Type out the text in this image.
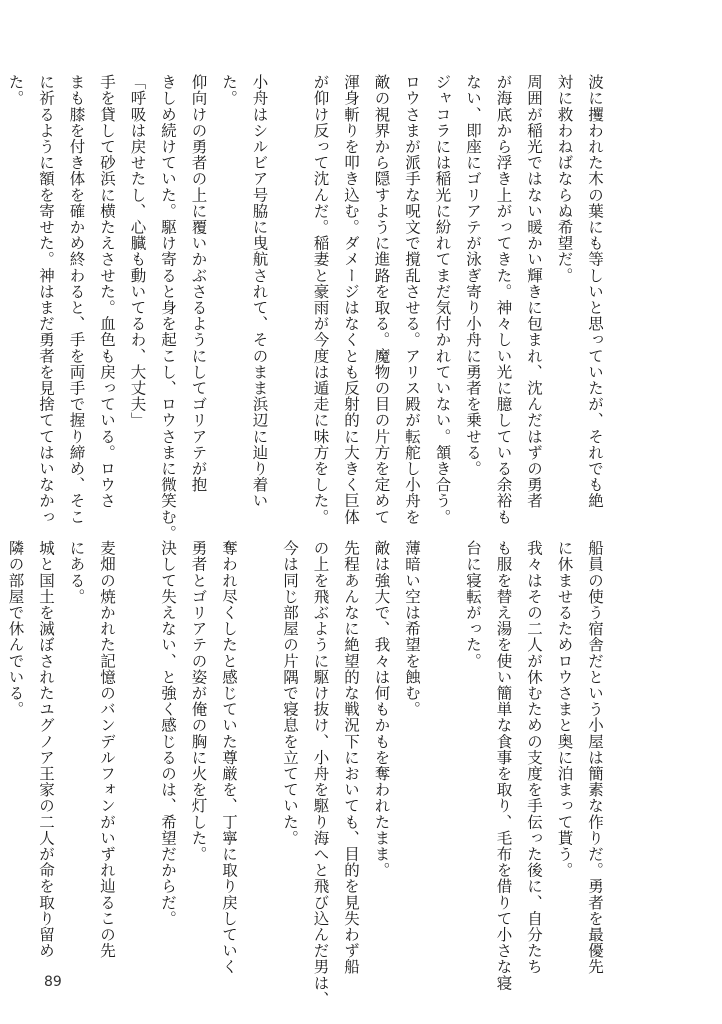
波に攫われた木の葉にも等しいと思っていたが、それでも絶
対に救わねばならぬ希望だ。
周囲が稲光ではない暖かい輝きに包まれ、沈んだはずの勇者
が海底から浮き上がってきた。神々しい光に臆している余裕も
ない、即座にゴリアテが泳ぎ寄り小舟に勇者を乗せる。
ジャコラには稲光に紛れてまだ気付かれていない。頷き合う。
ロウさまが派手な呪文で撹乱させる。アリス殿が転舵し小舟を
敵の視界から隠すように進路を取る。魔物の目の片方を定めて
渾身斬りを叩き込む。ダメージはなくとも反射的に大きく巨体
が仰け反って沈んだ。稲妻と豪雨が今度は遁走に味方をした。

小舟はシルビア号脇に曳航されて、そのまま浜辺に辿り着い
た。
仰向けの勇者の上に覆いかぶさるようにしてゴリアテが抱
きしめ続けていた。駆け寄ると身を起こし、ロウさまに微笑む。
「呼吸は戻せたし、心臓も動いてるわ、大丈夫」
手を貸して砂浜に横たえさせた。血色も戻っている。ロウさ
まも膝を付き体を確かめ終わると、手を両手で握り締め、そこ
に祈るように額を寄せた。神はまだ勇者を見捨ててはいなかっ
た。
船員の使う宿舎だという小屋は簡素な作りだ。勇者を最優先
に休ませるためロウさまと奥に泊まって貰う。
我々はその二人が休むための支度を手伝った後に、自分たち
も服を替え湯を使い簡単な食事を取り、毛布を借りて小さな寝
台に寝転がった。

薄暗い空は希望を蝕む。
敵は強大で、我々は何もかもを奪われたまま。
先程あんなに絶望的な戦況下においても、目的を見失わず船
の上を飛ぶように駆け抜け、小舟を駆り海へと飛び込んだ男は、
今は同じ部屋の片隅で寝息を立てていた。

奪われ尽くしたと感じていた尊厳を、丁寧に取り戻していく
勇者とゴリアテの姿が俺の胸に火を灯した。
決して失えない、と強く感じるのは、希望だからだ。

麦畑の焼かれた記憶のバンデルフォンがいずれ辿るこの先
にある。
城と国土を滅ぼされたユグノア王家の二人が命を取り留め
隣の部屋で休んでいる。
89
